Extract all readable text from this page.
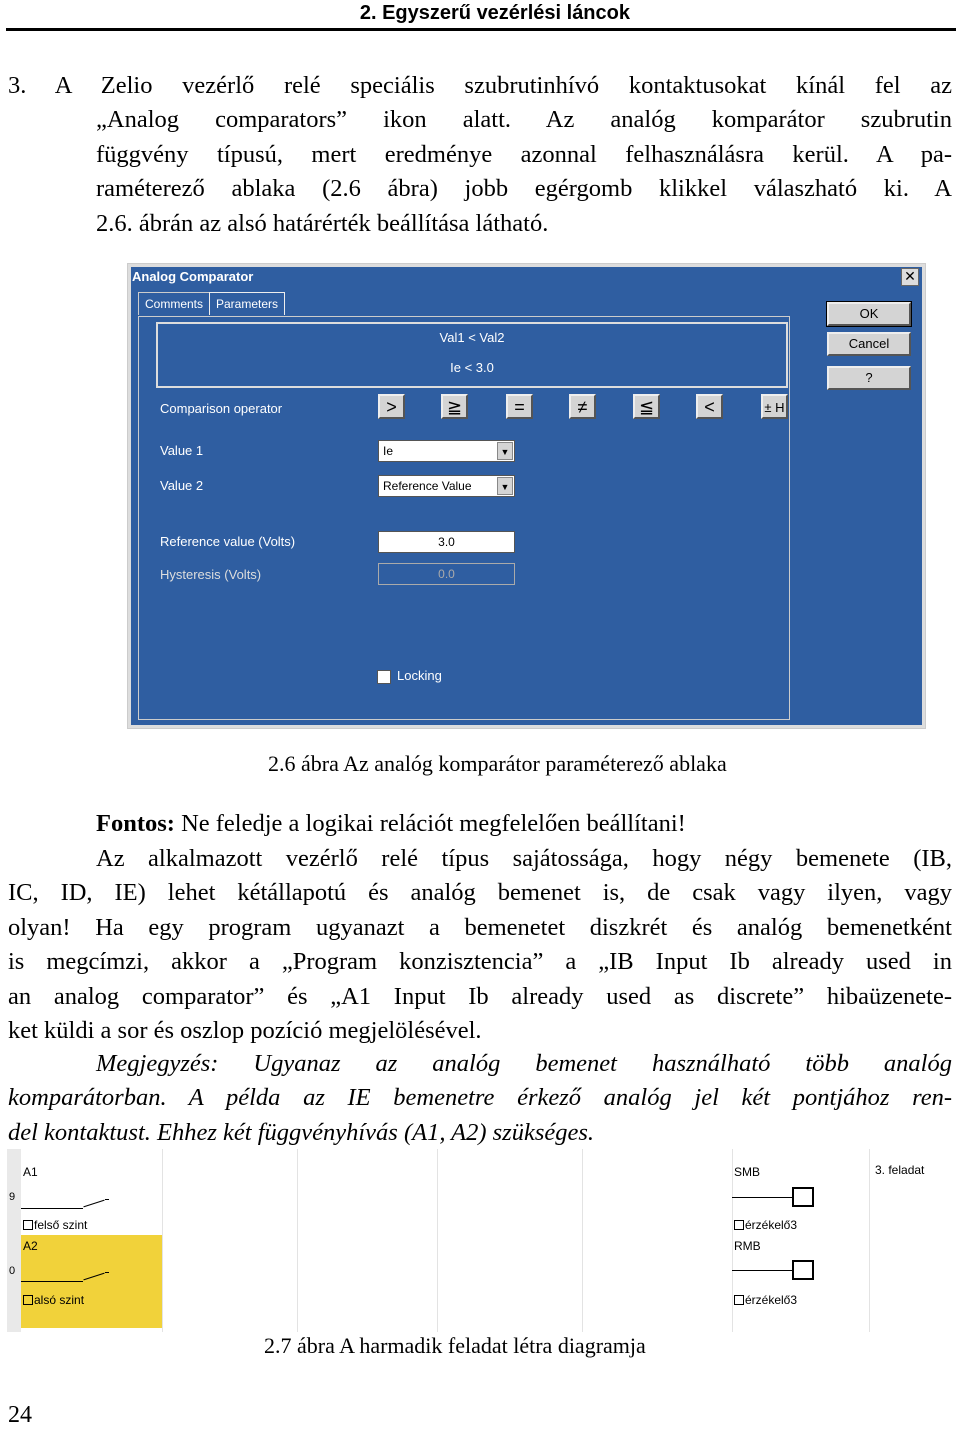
2. Egyszerű vezérlési láncok
3. A Zelio vezérlő relé speciális szubrutinhívó kontaktusokat kínál fel az
„Analog comparators” ikon alatt. Az analóg komparátor szubrutin
függvény típusú, mert eredménye azonnal felhasználásra kerül. A pa-
raméterező ablaka (2.6 ábra) jobb egérgomb klikkel válaszható ki. A
2.6. ábrán az alsó határérték beállítása látható.
Analog Comparator	✕
Comments	Parameters
Val1 < Val2
Ie < 3.0
Comparison operator	>	≧	=	≠	≦	<	± H
Value 1	Ie	▼
Value 2	Reference Value	▼
Reference value (Volts)	3.0
Hysteresis (Volts)	0.0
Locking
OK
Cancel
?
2.6 ábra Az analóg komparátor paraméterező ablaka
Fontos: Ne feledje a logikai relációt megfelelően beállítani!
Az alkalmazott vezérlő relé típus sajátossága, hogy négy bemenete (IB,
IC, ID, IE) lehet kétállapotú és analóg bemenet is, de csak vagy ilyen, vagy
olyan! Ha egy program ugyanazt a bemenetet diszkrét és analóg bemenetként
is megcímzi, akkor a „Program konzisztencia” a „IB Input Ib already used in
an analog comparator” és „A1 Input Ib already used as discrete” hibaüzenete-
ket küldi a sor és oszlop pozíció megjelölésével.
Megjegyzés: Ugyanaz az analóg bemenet használható több analóg
komparátorban. A példa az IE bemenetre érkező analóg jel két pontjához ren-
del kontaktust. Ehhez két függvényhívás (A1, A2) szükséges.
9
0
A1
felső szint
A2
alsó szint
SMB
érzékelő3
RMB
érzékelő3
3. feladat
2.7 ábra A harmadik feladat létra diagramja
24
